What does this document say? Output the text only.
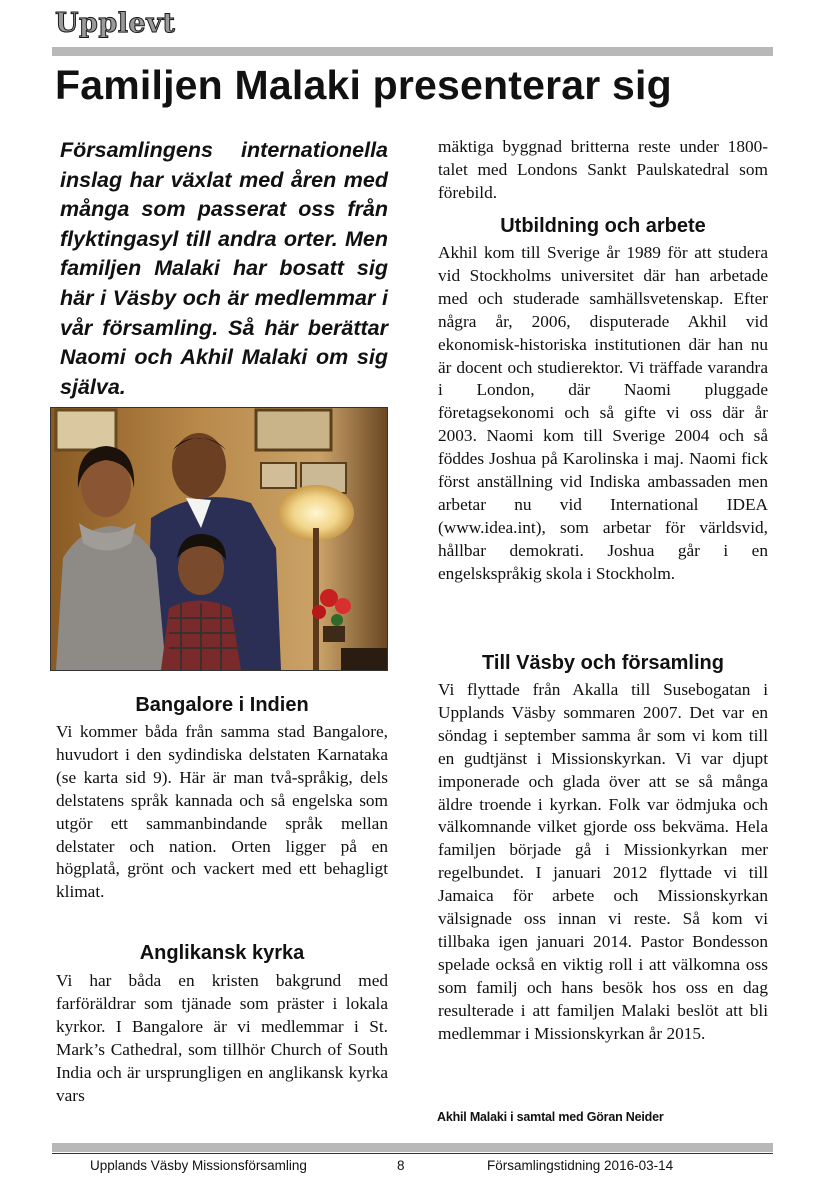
Upplevt
Familjen Malaki presenterar sig
Församlingens internationella inslag har växlat med åren med många som passerat oss från flyktingasyl till andra orter. Men familjen Malaki har bosatt sig här i Väsby och är medlemmar i vår församling. Så här berättar Naomi och Akhil Malaki om sig själva.
Bangalore i Indien
Vi kommer båda från samma stad Bangalore, huvudort i den sydindiska delstaten Karnataka (se karta sid 9). Här är man två-språkig, dels delstatens språk kannada och så engelska som utgör ett sammanbindande språk mellan delstater och nation. Orten ligger på en högplatå, grönt och vackert med ett behagligt klimat.
Anglikansk kyrka
Vi har båda en kristen bakgrund med farföräldrar som tjänade som präster i lokala kyrkor. I Bangalore är vi medlemmar i St. Mark’s Cathedral, som tillhör Church of South India och är ursprungligen en anglikansk kyrka vars
mäktiga byggnad britterna reste under 1800-talet med Londons Sankt Paulskatedral som förebild.
Utbildning och arbete
Akhil kom till Sverige år 1989 för att studera vid Stockholms universitet där han arbetade med och studerade samhällsvetenskap. Efter några år, 2006, disputerade Akhil vid ekonomisk-historiska institutionen där han nu är docent och studierektor. Vi träffade varandra i London, där Naomi pluggade företagsekonomi och så gifte vi oss där år 2003. Naomi kom till Sverige 2004 och så föddes Joshua på Karolinska i maj. Naomi fick först anställning vid Indiska ambassaden men arbetar nu vid International IDEA (www.idea.int), som arbetar för världsvid, hållbar demokrati. Joshua går i en engelskspråkig skola i Stockholm.
Till Väsby och församling
Vi flyttade från Akalla till Susebogatan i Upplands Väsby sommaren 2007. Det var en söndag i september samma år som vi kom till en gudtjänst i Missionskyrkan. Vi var djupt imponerade och glada över att se så många äldre troende i kyrkan. Folk var ödmjuka och välkomnande vilket gjorde oss bekväma. Hela familjen började gå i Missionkyrkan mer regelbundet. I januari 2012 flyttade vi till Jamaica för arbete och Missionskyrkan välsignade oss innan vi reste. Så kom vi tillbaka igen januari 2014. Pastor Bondesson spelade också en viktig roll i att välkomna oss som familj och hans besök hos oss en dag resulterade i att familjen Malaki beslöt att bli medlemmar i Missionskyrkan år 2015.
Akhil Malaki i samtal med Göran Neider
Upplands Väsby Missionsförsamling	8	Församlingstidning 2016-03-14
